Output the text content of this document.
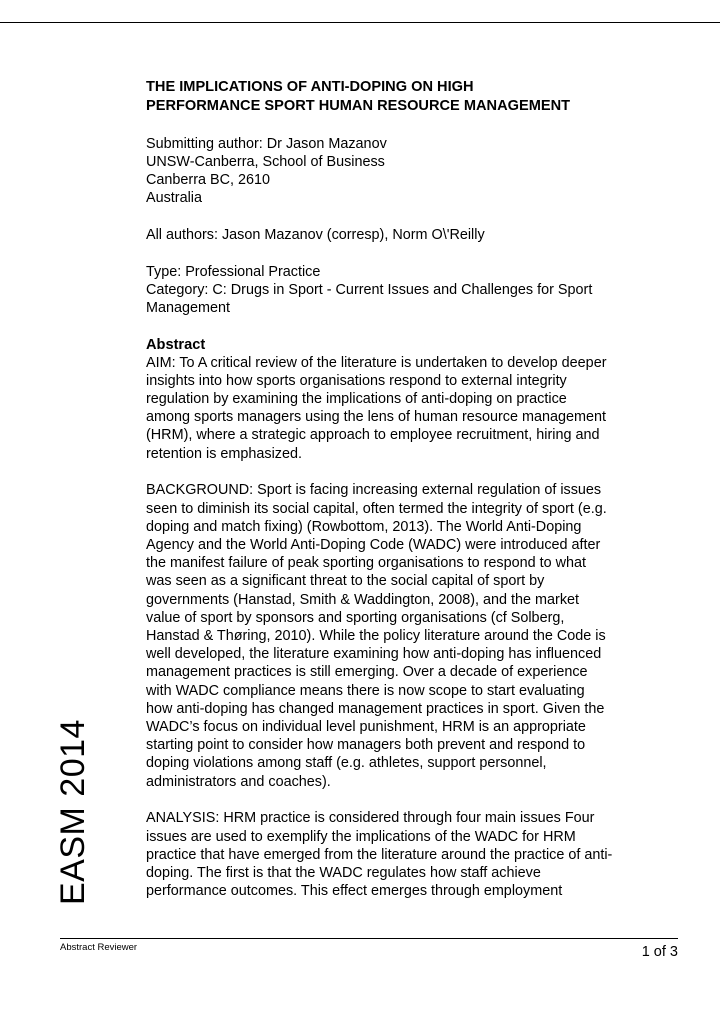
THE IMPLICATIONS OF ANTI-DOPING ON HIGH
PERFORMANCE SPORT HUMAN RESOURCE MANAGEMENT
Submitting author: Dr Jason Mazanov
UNSW-Canberra, School of Business
Canberra BC, 2610
Australia
All authors: Jason Mazanov (corresp), Norm O\'Reilly
Type: Professional Practice
Category: C: Drugs in Sport - Current Issues and Challenges for Sport
Management
Abstract
AIM: To A critical review of the literature is undertaken to develop deeper
insights into how sports organisations respond to external integrity
regulation by examining the implications of anti-doping on practice
among sports managers using the lens of human resource management
(HRM), where a strategic approach to employee recruitment, hiring and
retention is emphasized.
BACKGROUND: Sport is facing increasing external regulation of issues
seen to diminish its social capital, often termed the integrity of sport (e.g.
doping and match fixing) (Rowbottom, 2013). The World Anti-Doping
Agency and the World Anti-Doping Code (WADC) were introduced after
the manifest failure of peak sporting organisations to respond to what
was seen as a significant threat to the social capital of sport by
governments (Hanstad, Smith & Waddington, 2008), and the market
value of sport by sponsors and sporting organisations (cf Solberg,
Hanstad & Thøring, 2010). While the policy literature around the Code is
well developed, the literature examining how anti-doping has influenced
management practices is still emerging. Over a decade of experience
with WADC compliance means there is now scope to start evaluating
how anti-doping has changed management practices in sport. Given the
WADC’s focus on individual level punishment, HRM is an appropriate
starting point to consider how managers both prevent and respond to
doping violations among staff (e.g. athletes, support personnel,
administrators and coaches).
ANALYSIS: HRM practice is considered through four main issues Four
issues are used to exemplify the implications of the WADC for HRM
practice that have emerged from the literature around the practice of anti-
doping. The first is that the WADC regulates how staff achieve
performance outcomes. This effect emerges through employment
EASM 2014
Abstract Reviewer	1 of 3
